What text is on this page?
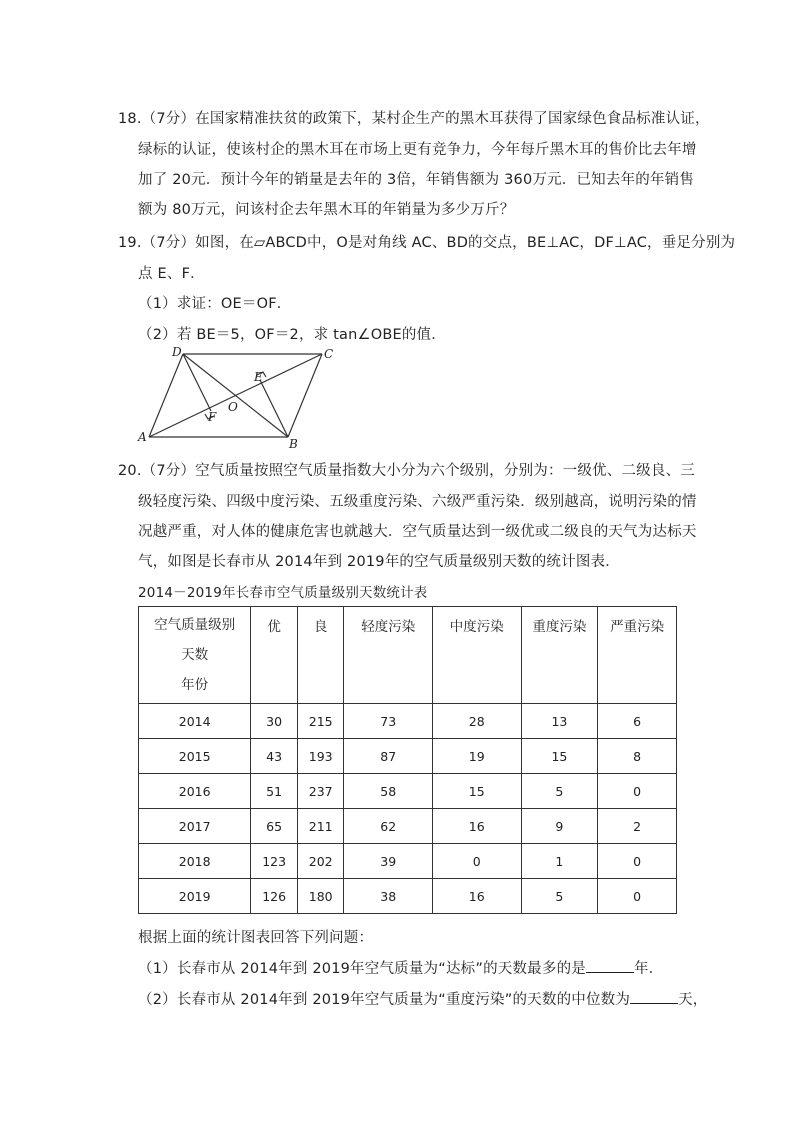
18.（7分）在国家精准扶贫的政策下，某村企生产的黑木耳获得了国家绿色食品标准认证，
绿标的认证，使该村企的黑木耳在市场上更有竞争力，今年每斤黑木耳的售价比去年增
加了 20元．预计今年的销量是去年的 3倍，年销售额为 360万元．已知去年的年销售
额为 80万元，问该村企去年黑木耳的年销量为多少万斤？
19.（7分）如图，在▱ABCD中，O是对角线 AC、BD的交点，BE⊥AC，DF⊥AC，垂足分别为
点 E、F．
（1）求证：OE＝OF．
（2）若 BE＝5，OF＝2，求 tan∠OBE的值．
A	B
C
D
E
F
O
20.（7分）空气质量按照空气质量指数大小分为六个级别，分别为：一级优、二级良、三
级轻度污染、四级中度污染、五级重度污染、六级严重污染．级别越高，说明污染的情
况越严重，对人体的健康危害也就越大．空气质量达到一级优或二级良的天气为达标天
气，如图是长春市从 2014年到 2019年的空气质量级别天数的统计图表．
2014－2019年长春市空气质量级别天数统计表
空气质量级别
天数
年份	优	良	轻度污染	中度污染	重度污染	严重污染
2014	30	215	73	28	13	6
2015	43	193	87	19	15	8
2016	51	237	58	15	5	0
2017	65	211	62	16	9	2
2018	123	202	39	0	1	0
2019	126	180	38	16	5	0
根据上面的统计图表回答下列问题：
（1）长春市从 2014年到 2019年空气质量为“达标”的天数最多的是	年．
（2）长春市从 2014年到 2019年空气质量为“重度污染”的天数的中位数为	天，
